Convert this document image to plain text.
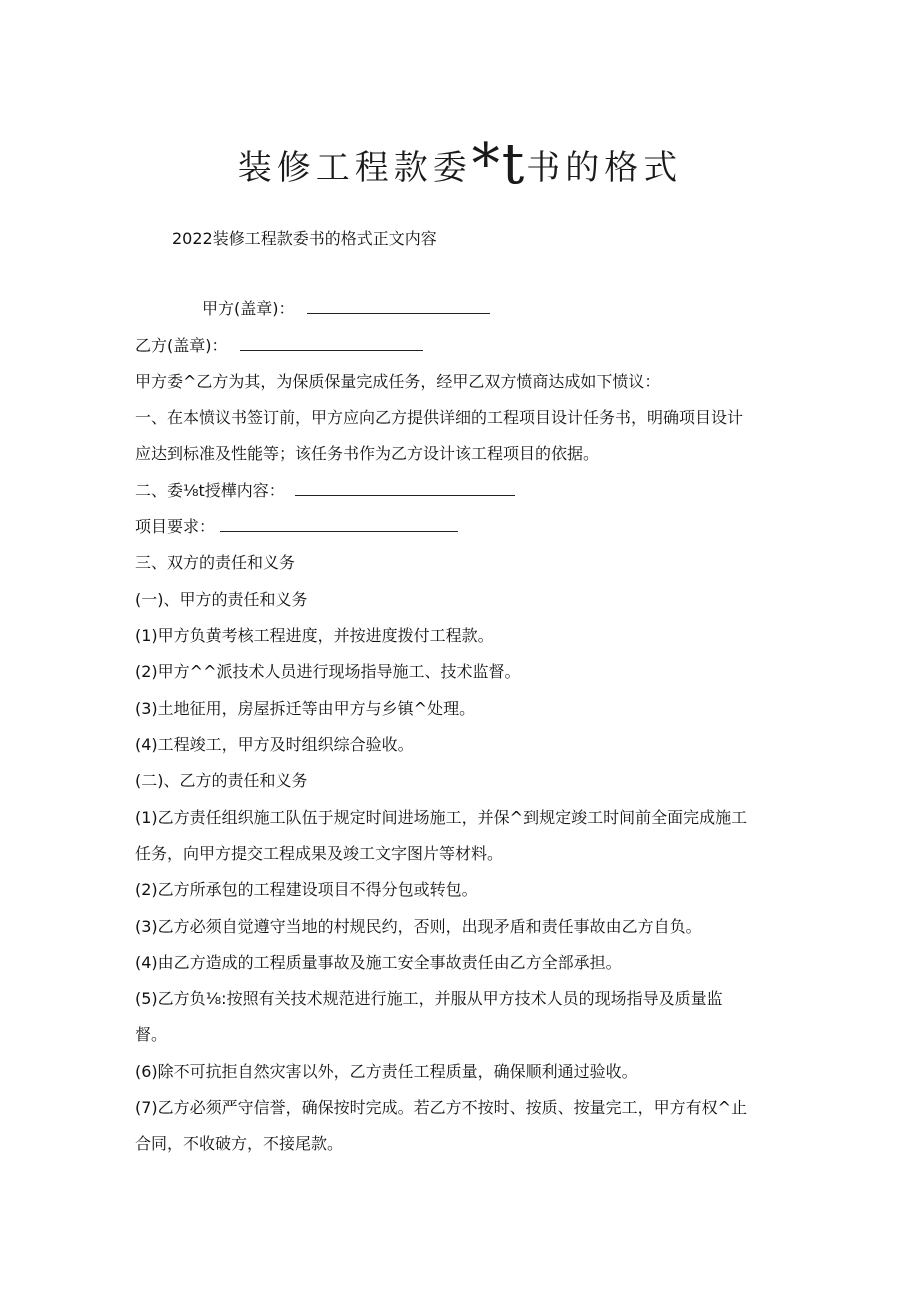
装修工程款委*t书的格式
2022装修工程款委书的格式正文内容
甲方(盖章)：
乙方(盖章)：
甲方委^乙方为其，为保质保量完成任务，经甲乙双方愤商达成如下愤议：
一、在本愤议书签订前，甲方应向乙方提供详细的工程项目设计任务书，明确项目设计
应达到标准及性能等；该任务书作为乙方设计该工程项目的依据。
二、委⅛t授樺内容：
项目要求：
三、双方的责任和义务
(一)、甲方的责任和义务
(1)甲方负黄考核工程进度，并按进度拨付工程款。
(2)甲方^^派技术人员进行现场指导施工、技术监督。
(3)土地征用，房屋拆迁等由甲方与乡镇^处理。
(4)工程竣工，甲方及时组织综合验收。
(二)、乙方的责任和义务
(1)乙方责任组织施工队伍于规定时间进场施工，并保^到规定竣工时间前全面完成施工
任务，向甲方提交工程成果及竣工文字图片等材料。
(2)乙方所承包的工程建设项目不得分包或转包。
(3)乙方必须自觉遵守当地的村规民约，否则，出现矛盾和责任事故由乙方自负。
(4)由乙方造成的工程质量事故及施工安全事故责任由乙方全部承担。
(5)乙方负⅛:按照有关技术规范进行施工，并服从甲方技术人员的现场指导及质量监
督。
(6)除不可抗拒自然灾害以外，乙方责任工程质量，确保顺利通过验收。
(7)乙方必须严守信誉，确保按时完成。若乙方不按时、按质、按量完工，甲方有权^止
合同，不收破方，不接尾款。
